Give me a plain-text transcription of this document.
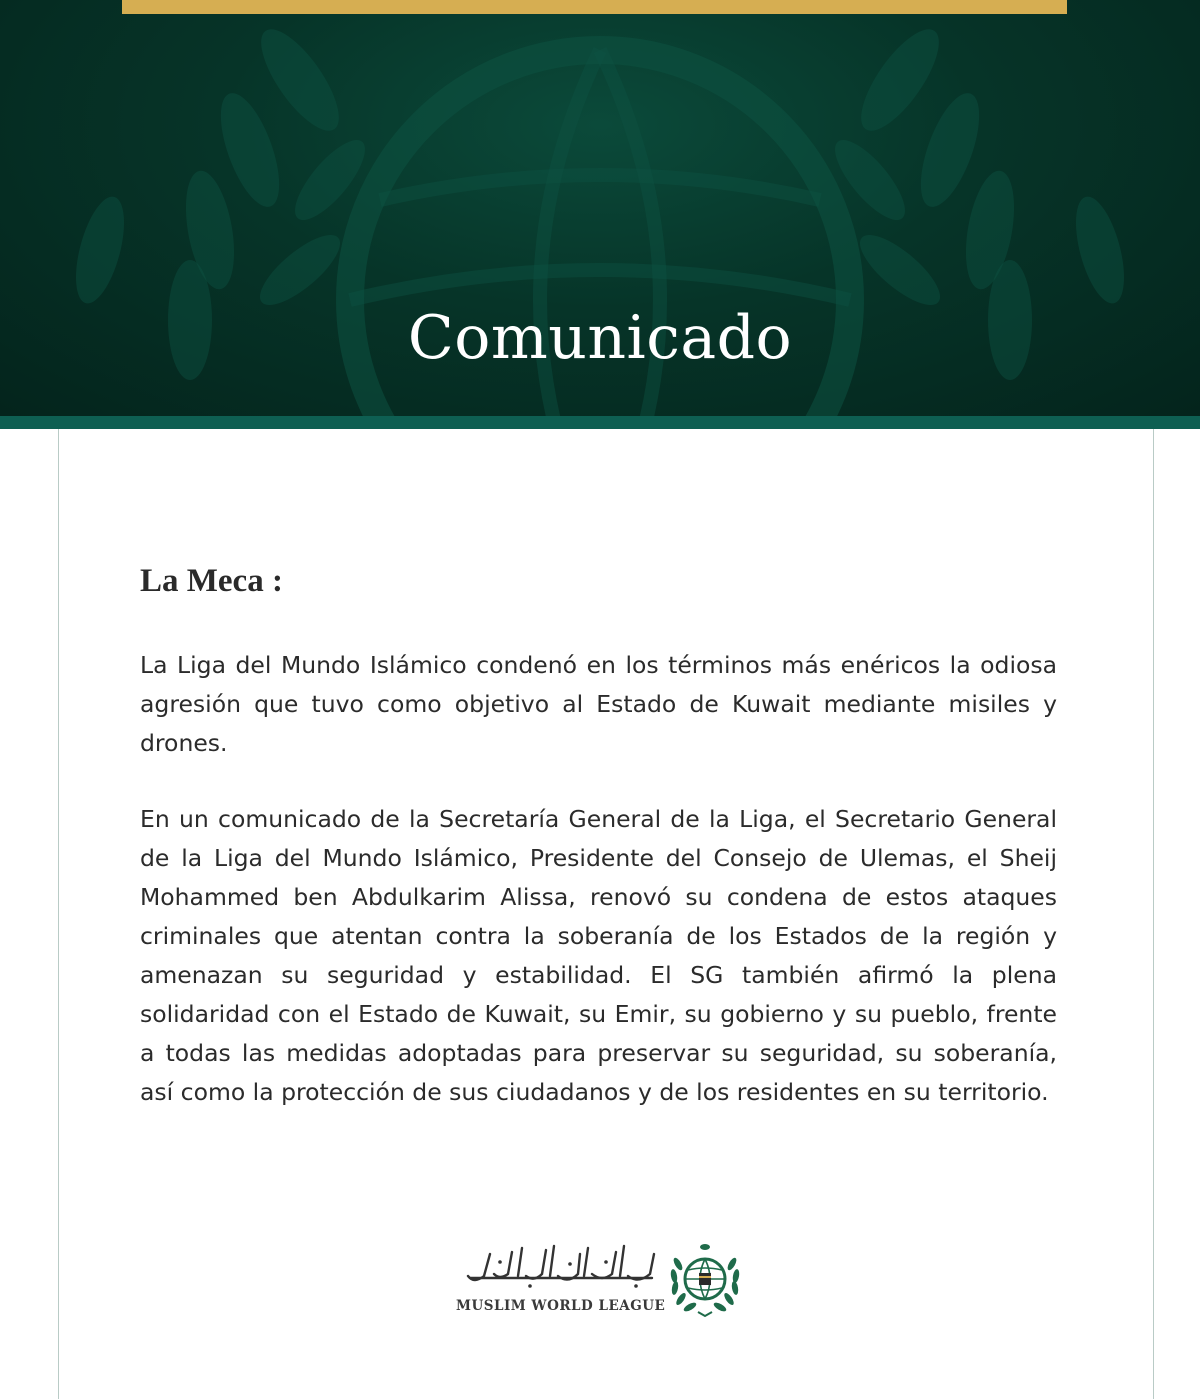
Comunicado
La Meca :

La Liga del Mundo Islámico condenó en los términos más enéricos la odiosa agresión que tuvo como objetivo al Estado de Kuwait mediante misiles y drones.

En un comunicado de la Secretaría General de la Liga, el Secretario General de la Liga del Mundo Islámico, Presidente del Consejo de Ulemas, el Sheij Mohammed ben Abdulkarim Alissa, renovó su condena de estos ataques criminales que atentan contra la soberanía de los Estados de la región y amenazan su seguridad y estabilidad. El SG también afirmó la plena solidaridad con el Estado de Kuwait, su Emir, su gobierno y su pueblo, frente a todas las medidas adoptadas para preservar su seguridad, su soberanía, así como la protección de sus ciudadanos y de los residentes en su territorio.

MUSLIM WORLD LEAGUE
